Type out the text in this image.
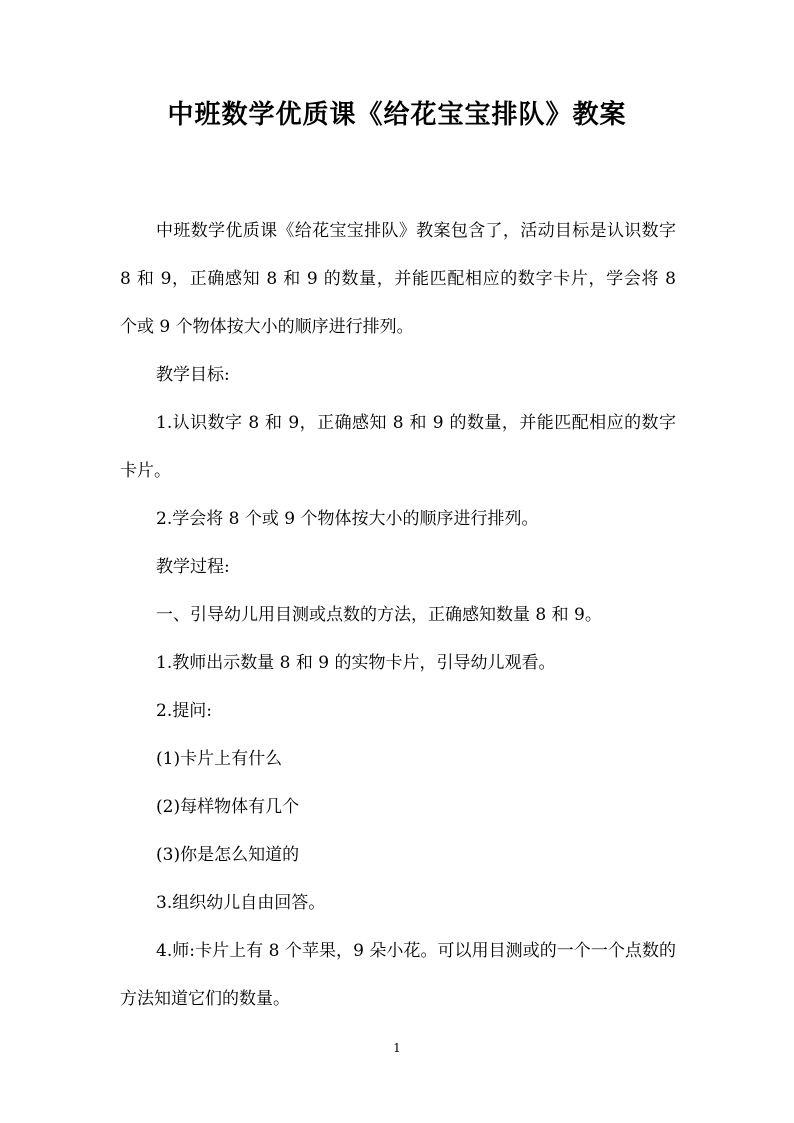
中班数学优质课《给花宝宝排队》教案

中班数学优质课《给花宝宝排队》教案包含了，活动目标是认识数字 8 和 9，正确感知 8 和 9 的数量，并能匹配相应的数字卡片，学会将 8 个或 9 个物体按大小的顺序进行排列。

教学目标:

1.认识数字 8 和 9，正确感知 8 和 9 的数量，并能匹配相应的数字卡片。

2.学会将 8 个或 9 个物体按大小的顺序进行排列。

教学过程:

一、引导幼儿用目测或点数的方法，正确感知数量 8 和 9。

1.教师出示数量 8 和 9 的实物卡片，引导幼儿观看。

2.提问:

(1)卡片上有什么

(2)每样物体有几个

(3)你是怎么知道的

3.组织幼儿自由回答。

4.师:卡片上有 8 个苹果，9 朵小花。可以用目测或的一个一个点数的方法知道它们的数量。

1
